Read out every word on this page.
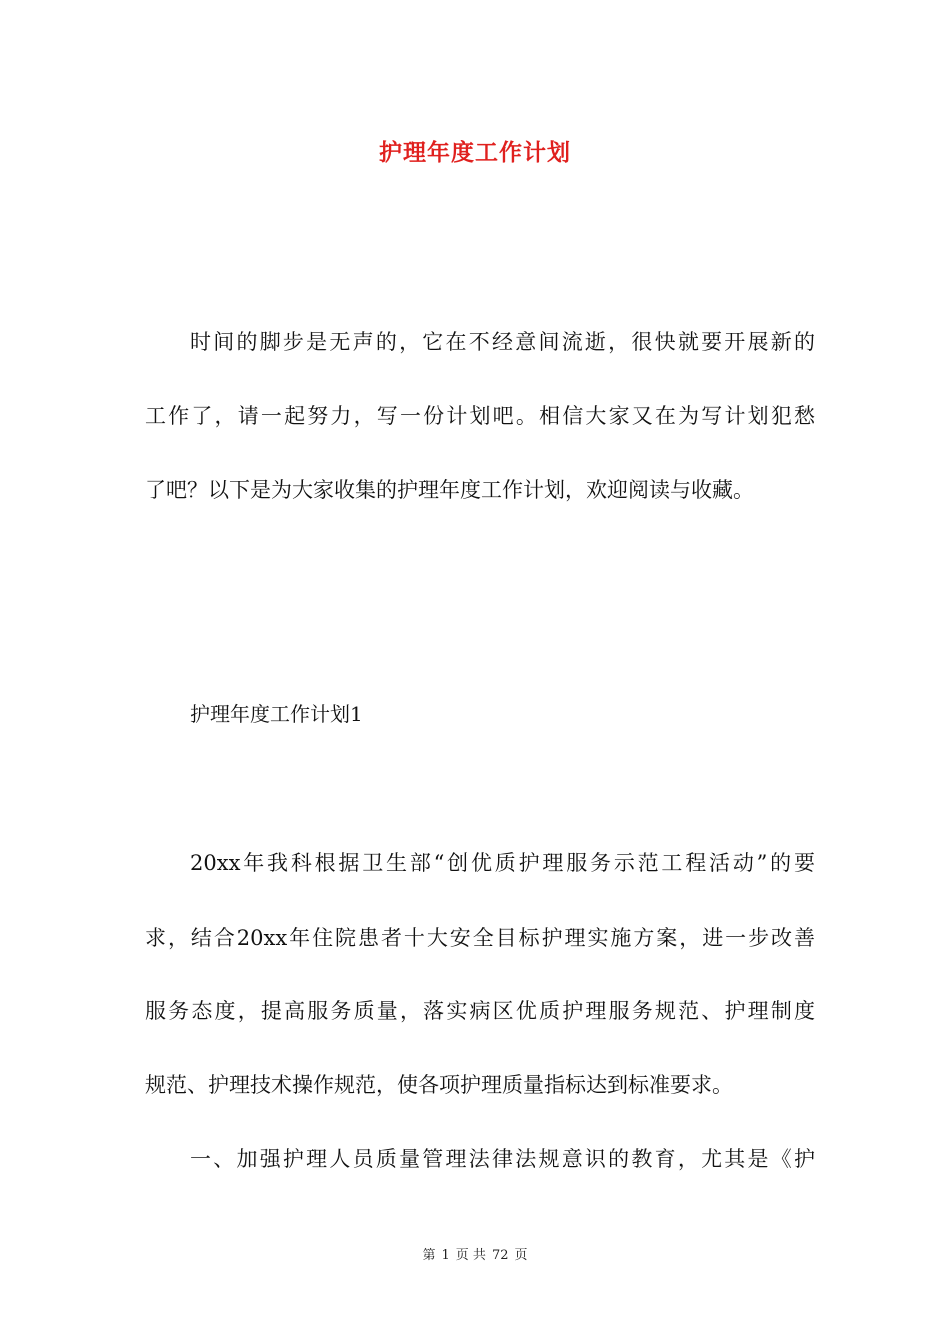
护理年度工作计划
时间的脚步是无声的，它在不经意间流逝，很快就要开展新的
工作了，请一起努力，写一份计划吧。相信大家又在为写计划犯愁
了吧？以下是为大家收集的护理年度工作计划，欢迎阅读与收藏。
护理年度工作计划1
20xx年我科根据卫生部“创优质护理服务示范工程活动”的要
求，结合20xx年住院患者十大安全目标护理实施方案，进一步改善
服务态度，提高服务质量，落实病区优质护理服务规范、护理制度
规范、护理技术操作规范，使各项护理质量指标达到标准要求。
一、加强护理人员质量管理法律法规意识的教育，尤其是《护
第 1 页 共 72 页
